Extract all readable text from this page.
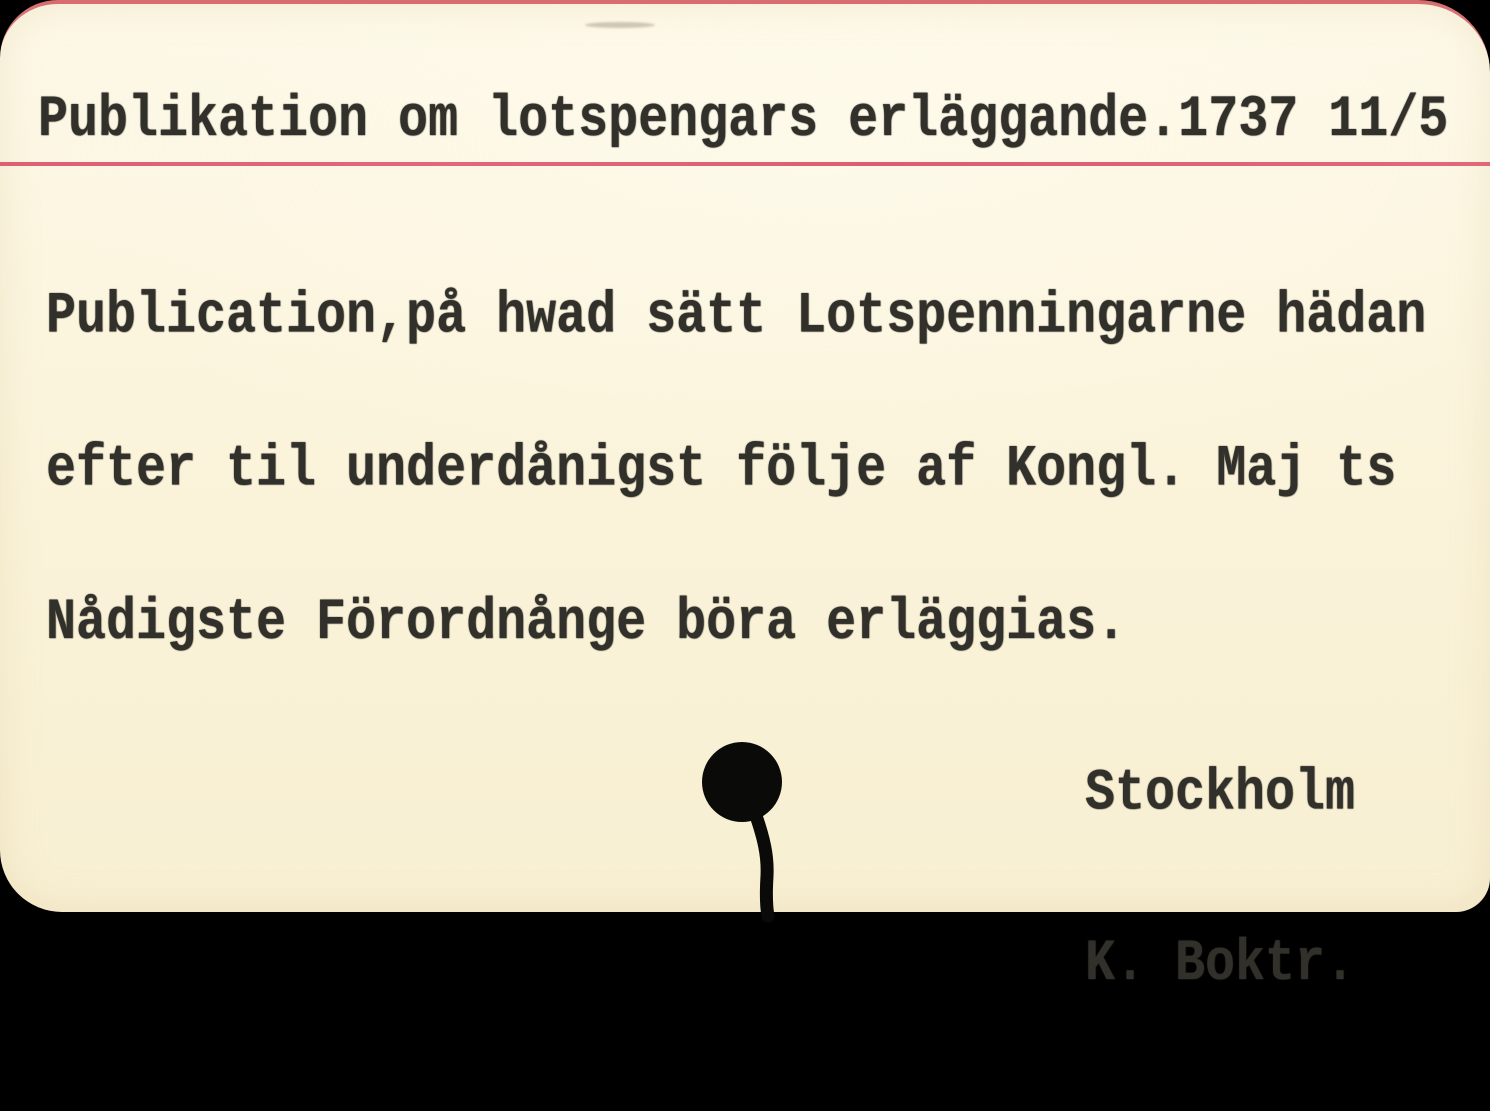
Publikation om lotspengars erläggande.1737 11/5

Publication,på hwad sätt Lotspenningarne hädan

efter til underdånigst följe af Kongl. Maj ts

Nådigste Förordnånge böra erläggias.

Stockholm

K. Boktr.
